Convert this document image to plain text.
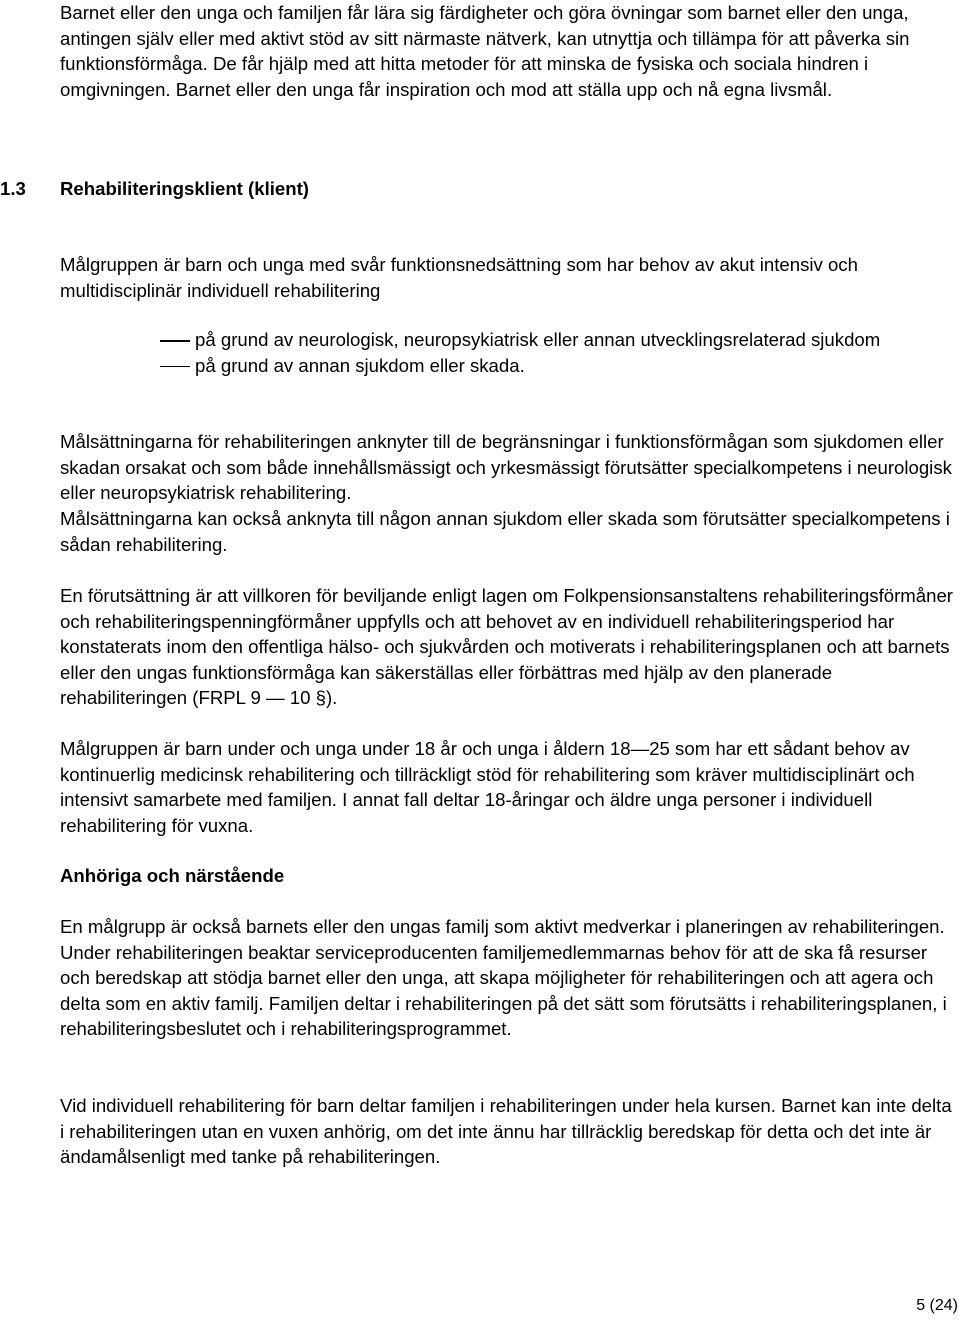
Barnet eller den unga och familjen får lära sig färdigheter och göra övningar som barnet eller den unga, antingen själv eller med aktivt stöd av sitt närmaste nätverk, kan utnyttja och tillämpa för att påverka sin funktionsförmåga. De får hjälp med att hitta metoder för att minska de fysiska och sociala hindren i omgivningen. Barnet eller den unga får inspiration och mod att ställa upp och nå egna livsmål.

1.3 Rehabiliteringsklient (klient)

Målgruppen är barn och unga med svår funktionsnedsättning som har behov av akut intensiv och multidisciplinär individuell rehabilitering

på grund av neurologisk, neuropsykiatrisk eller annan utvecklingsrelaterad sjukdom
på grund av annan sjukdom eller skada.

Målsättningarna för rehabiliteringen anknyter till de begränsningar i funktionsförmågan som sjukdomen eller skadan orsakat och som både innehållsmässigt och yrkesmässigt förutsätter specialkompetens i neurologisk eller neuropsykiatrisk rehabilitering.

Målsättningarna kan också anknyta till någon annan sjukdom eller skada som förutsätter specialkompetens i sådan rehabilitering.

En förutsättning är att villkoren för beviljande enligt lagen om Folkpensionsanstaltens rehabiliteringsförmåner och rehabiliteringspenningförmåner uppfylls och att behovet av en individuell rehabiliteringsperiod har konstaterats inom den offentliga hälso- och sjukvården och motiverats i rehabiliteringsplanen och att barnets eller den ungas funktionsförmåga kan säkerställas eller förbättras med hjälp av den planerade rehabiliteringen (FRPL 9 — 10 §).

Målgruppen är barn under och unga under 18 år och unga i åldern 18—25 som har ett sådant behov av kontinuerlig medicinsk rehabilitering och tillräckligt stöd för rehabilitering som kräver multidisciplinärt och intensivt samarbete med familjen. I annat fall deltar 18-åringar och äldre unga personer i individuell rehabilitering för vuxna.

Anhöriga och närstående

En målgrupp är också barnets eller den ungas familj som aktivt medverkar i planeringen av rehabiliteringen. Under rehabiliteringen beaktar serviceproducenten familjemedlemmarnas behov för att de ska få resurser och beredskap att stödja barnet eller den unga, att skapa möjligheter för rehabiliteringen och att agera och delta som en aktiv familj. Familjen deltar i rehabiliteringen på det sätt som förutsätts i rehabiliteringsplanen, i rehabiliteringsbeslutet och i rehabiliteringsprogrammet.

Vid individuell rehabilitering för barn deltar familjen i rehabiliteringen under hela kursen. Barnet kan inte delta i rehabiliteringen utan en vuxen anhörig, om det inte ännu har tillräcklig beredskap för detta och det inte är ändamålsenligt med tanke på rehabiliteringen.

5 (24)
